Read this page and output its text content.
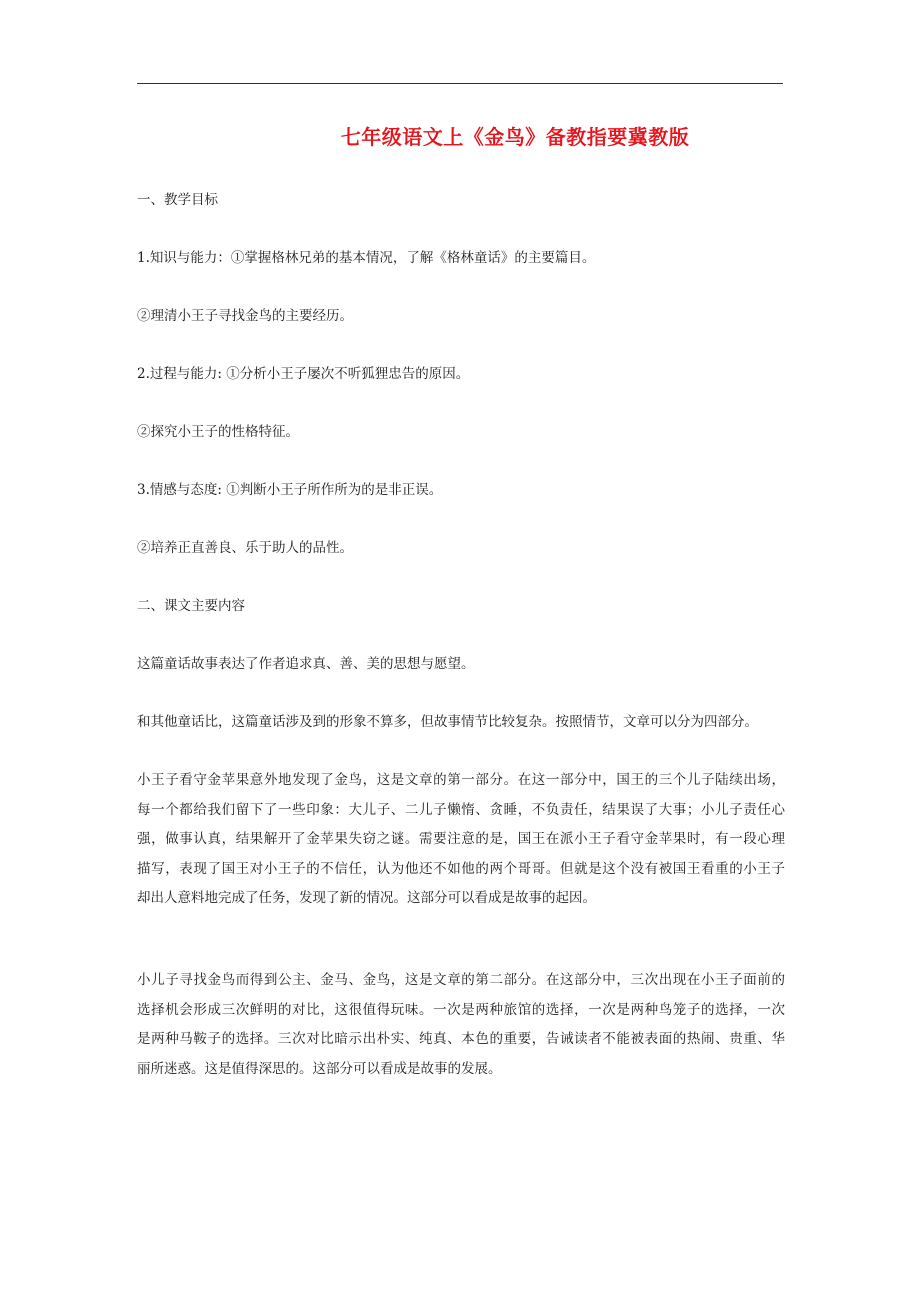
七年级语文上《金鸟》备教指要冀教版
一、教学目标
1.知识与能力：①掌握格林兄弟的基本情况，了解《格林童话》的主要篇目。
②理清小王子寻找金鸟的主要经历。
2.过程与能力: ①分析小王子屡次不听狐狸忠告的原因。
②探究小王子的性格特征。
3.情感与态度: ①判断小王子所作所为的是非正误。
②培养正直善良、乐于助人的品性。
二、课文主要内容
这篇童话故事表达了作者追求真、善、美的思想与愿望。
和其他童话比，这篇童话涉及到的形象不算多，但故事情节比较复杂。按照情节，文章可以分为四部分。
小王子看守金苹果意外地发现了金鸟，这是文章的第一部分。在这一部分中，国王的三个儿子陆续出场，
每一个都给我们留下了一些印象：大儿子、二儿子懒惰、贪睡，不负责任，结果误了大事；小儿子责任心
强，做事认真，结果解开了金苹果失窃之谜。需要注意的是，国王在派小王子看守金苹果时，有一段心理
描写，表现了国王对小王子的不信任，认为他还不如他的两个哥哥。但就是这个没有被国王看重的小王子
却出人意料地完成了任务，发现了新的情况。这部分可以看成是故事的起因。
小儿子寻找金鸟而得到公主、金马、金鸟，这是文章的第二部分。在这部分中，三次出现在小王子面前的
选择机会形成三次鲜明的对比，这很值得玩味。一次是两种旅馆的选择，一次是两种鸟笼子的选择，一次
是两种马鞍子的选择。三次对比暗示出朴实、纯真、本色的重要，告诫读者不能被表面的热闹、贵重、华
丽所迷惑。这是值得深思的。这部分可以看成是故事的发展。
